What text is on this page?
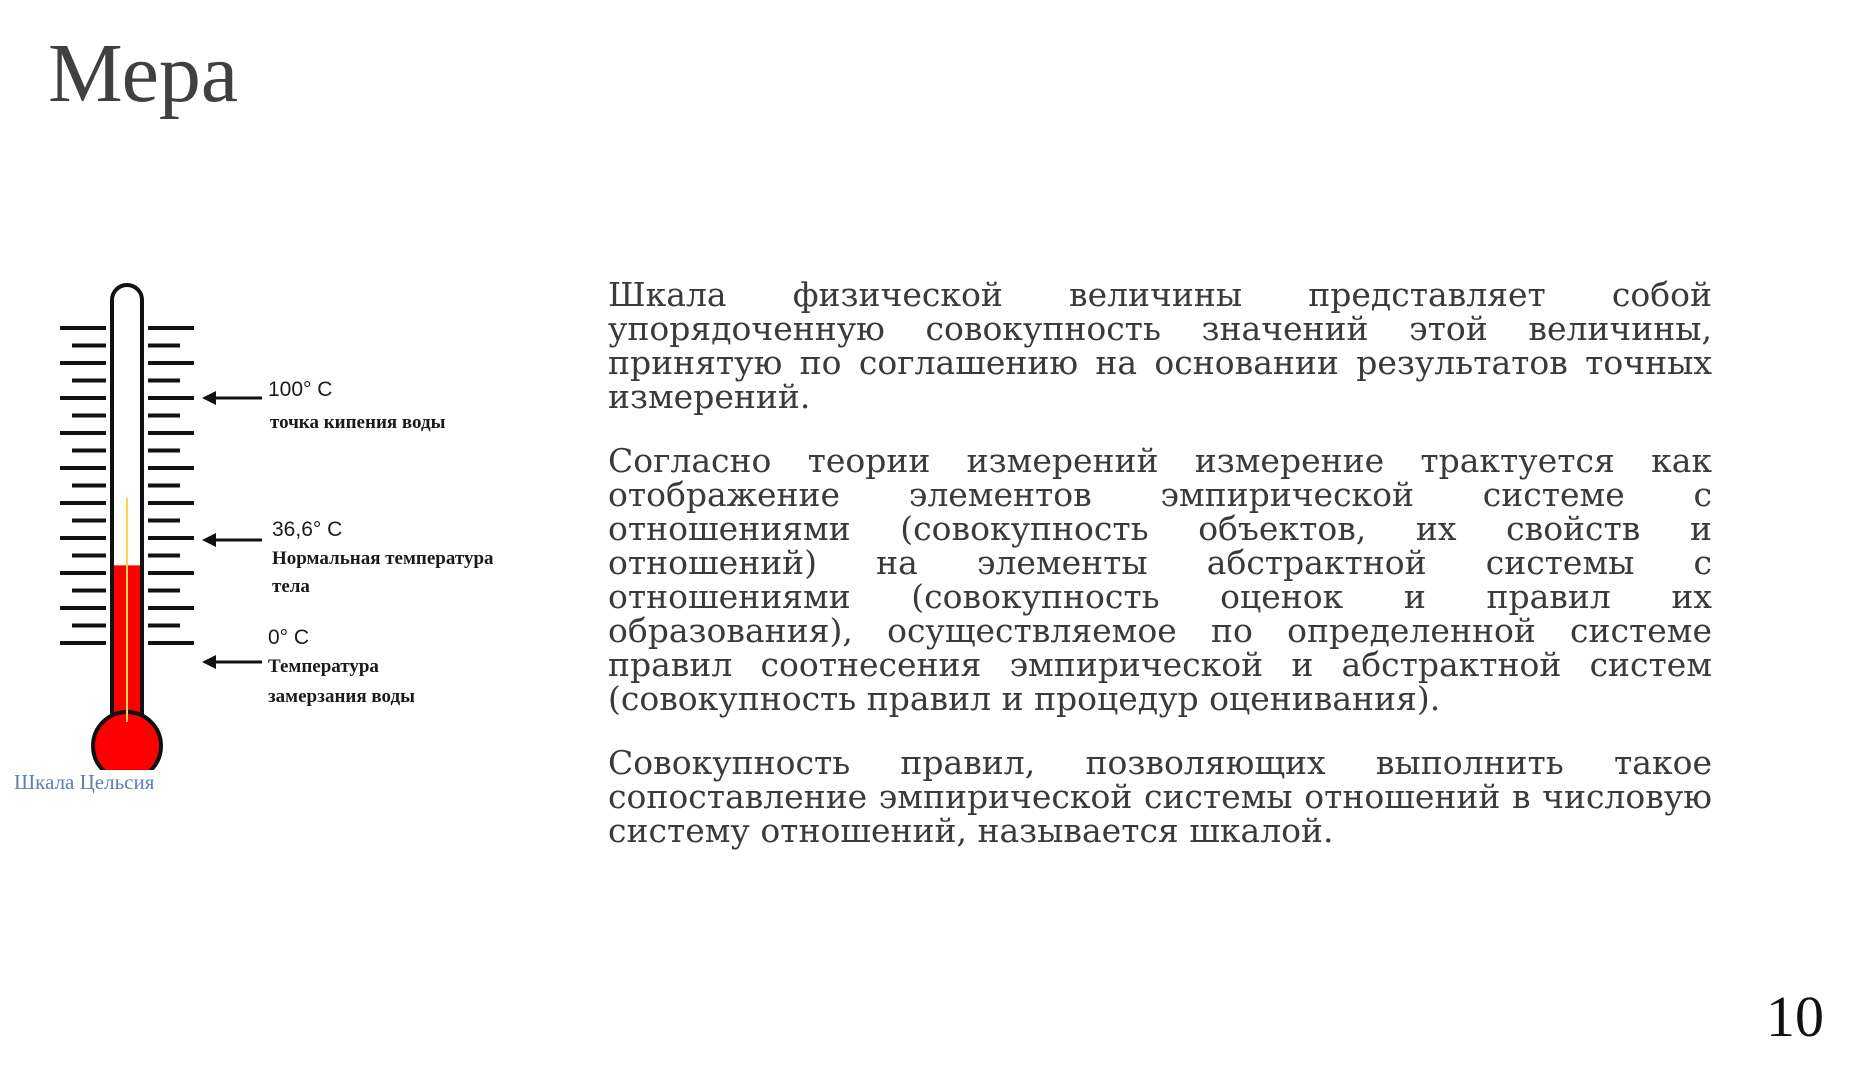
Мера
100° C
точка кипения воды
36,6° C
Нормальная температура
тела
0° C
Температура
замерзания воды
Шкала Цельсия

Шкала физической величины представляет собой упорядоченную совокупность значений этой величины, принятую по соглашению на основании результатов точных измерений.

Согласно теории измерений измерение трактуется как отображение элементов эмпирической системе с отношениями (совокупность объектов, их свойств и отношений) на элементы абстрактной системы с отношениями (совокупность оценок и правил их образования), осуществляемое по определенной системе правил соотнесения эмпирической и абстрактной систем (совокупность правил и процедур оценивания).

Совокупность правил, позволяющих выполнить такое сопоставление эмпирической системы отношений в числовую систему отношений, называется шкалой.

10
